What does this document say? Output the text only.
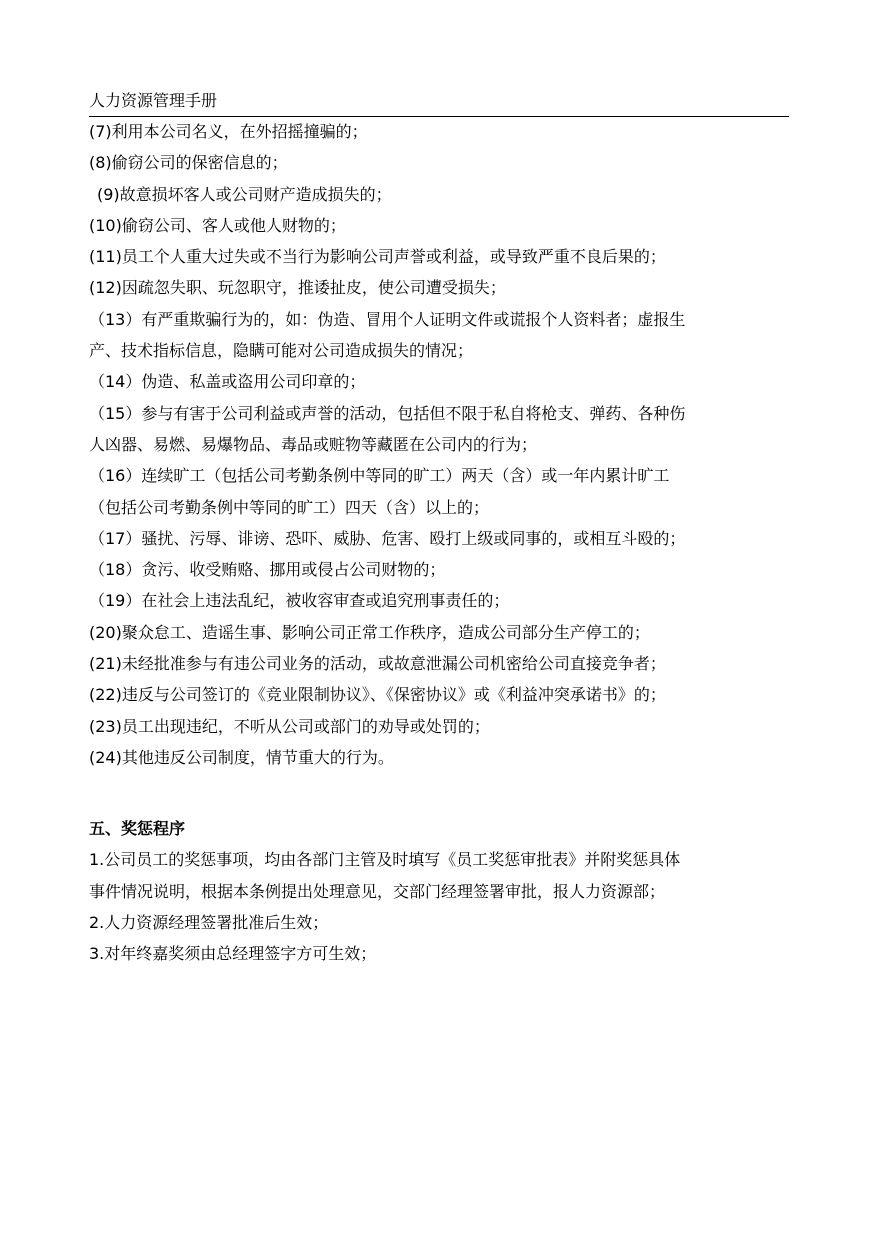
人力资源管理手册
(7)利用本公司名义，在外招摇撞骗的；
(8)偷窃公司的保密信息的；
(9)故意损坏客人或公司财产造成损失的；
(10)偷窃公司、客人或他人财物的；
(11)员工个人重大过失或不当行为影响公司声誉或利益，或导致严重不良后果的；
(12)因疏忽失职、玩忽职守，推诿扯皮，使公司遭受损失；
（13）有严重欺骗行为的，如：伪造、冒用个人证明文件或谎报个人资料者；虚报生
产、技术指标信息，隐瞒可能对公司造成损失的情况；
（14）伪造、私盖或盗用公司印章的；
（15）参与有害于公司利益或声誉的活动，包括但不限于私自将枪支、弹药、各种伤
人凶器、易燃、易爆物品、毒品或赃物等藏匿在公司内的行为；
（16）连续旷工（包括公司考勤条例中等同的旷工）两天（含）或一年内累计旷工
（包括公司考勤条例中等同的旷工）四天（含）以上的；
（17）骚扰、污辱、诽谤、恐吓、威胁、危害、殴打上级或同事的，或相互斗殴的；
（18）贪污、收受贿赂、挪用或侵占公司财物的；
（19）在社会上违法乱纪，被收容审查或追究刑事责任的；
(20)聚众怠工、造谣生事、影响公司正常工作秩序，造成公司部分生产停工的；
(21)未经批准参与有违公司业务的活动，或故意泄漏公司机密给公司直接竞争者；
(22)违反与公司签订的《竞业限制协议》、《保密协议》或《利益冲突承诺书》的；
(23)员工出现违纪，不听从公司或部门的劝导或处罚的；
(24)其他违反公司制度，情节重大的行为。
五、奖惩程序
1.公司员工的奖惩事项，均由各部门主管及时填写《员工奖惩审批表》并附奖惩具体
事件情况说明，根据本条例提出处理意见，交部门经理签署审批，报人力资源部；
2.人力资源经理签署批准后生效；
3.对年终嘉奖须由总经理签字方可生效；
